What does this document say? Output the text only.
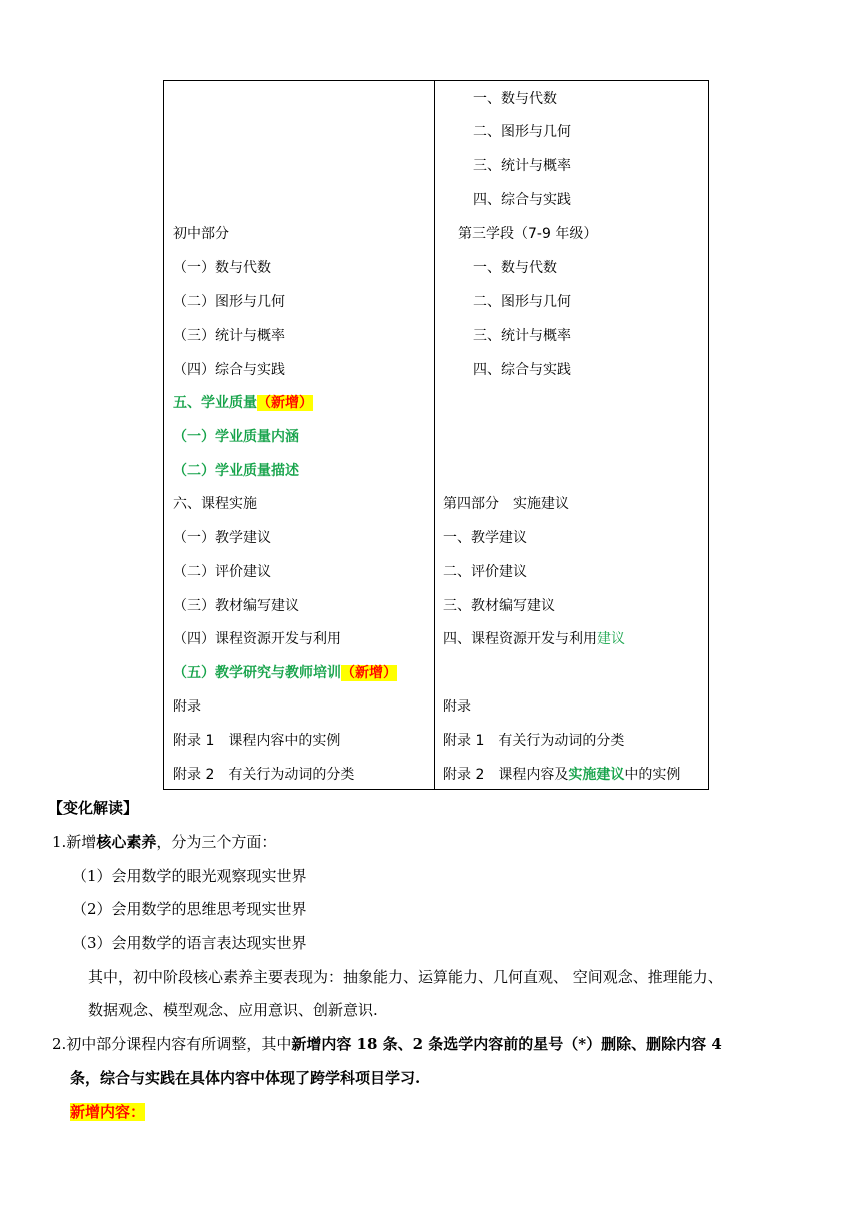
初中部分
（一）数与代数
（二）图形与几何
（三）统计与概率
（四）综合与实践
五、学业质量（新增）
（一）学业质量内涵
（二）学业质量描述
六、课程实施
（一）教学建议
（二）评价建议
（三）教材编写建议
（四）课程资源开发与利用
（五）教学研究与教师培训（新增）
附录
附录 1　课程内容中的实例
附录 2　有关行为动词的分类
一、数与代数
二、图形与几何
三、统计与概率
四、综合与实践
第三学段（7-9 年级）
一、数与代数
二、图形与几何
三、统计与概率
四、综合与实践
第四部分　实施建议
一、教学建议
二、评价建议
三、教材编写建议
四、课程资源开发与利用建议
附录
附录 1　有关行为动词的分类
附录 2　课程内容及实施建议中的实例
【变化解读】
1.新增核心素养，分为三个方面：
（1）会用数学的眼光观察现实世界
（2）会用数学的思维思考现实世界
（3）会用数学的语言表达现实世界
其中，初中阶段核心素养主要表现为：抽象能力、运算能力、几何直观、 空间观念、推理能力、
数据观念、模型观念、应用意识、创新意识.
2.初中部分课程内容有所调整，其中新增内容 18 条、2 条选学内容前的星号（*）删除、删除内容 4
条，综合与实践在具体内容中体现了跨学科项目学习.
新增内容：
